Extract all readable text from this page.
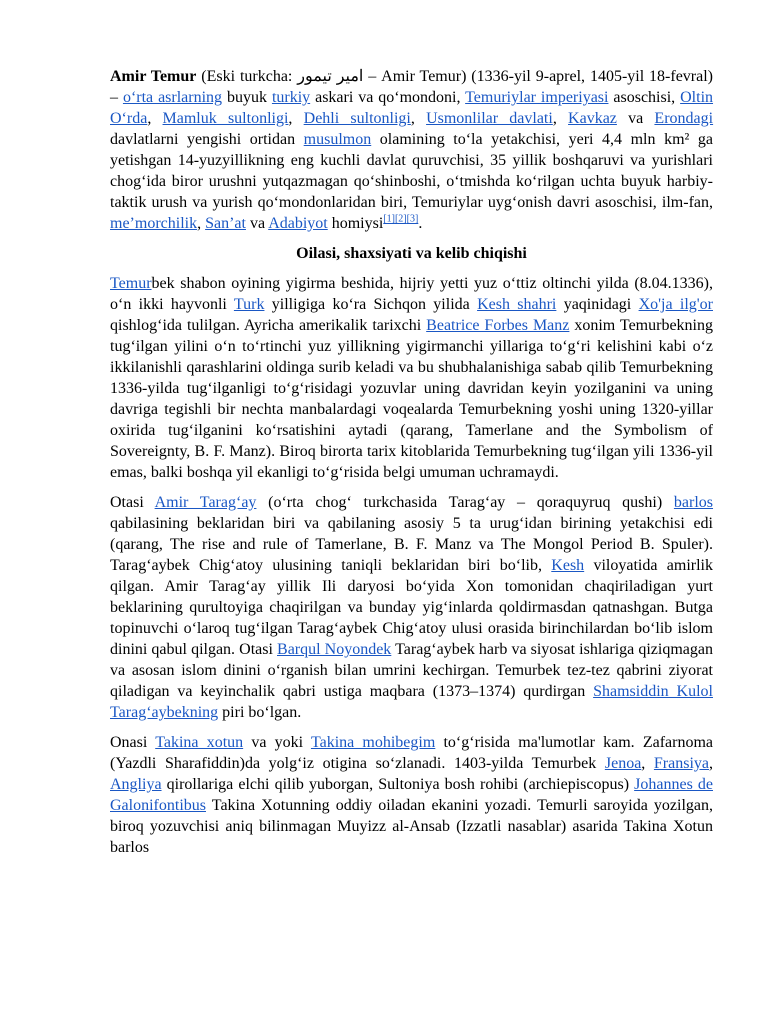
Amir Temur (Eski turkcha: امير تيمور – Amir Temur) (1336-yil 9-aprel, 1405-yil 18-fevral) – o‘rta asrlarning buyuk turkiy askari va qo‘mondoni, Temuriylar imperiyasi asoschisi, Oltin O‘rda, Mamluk sultonligi, Dehli sultonligi, Usmonlilar davlati, Kavkaz va Erondagi davlatlarni yengishi ortidan musulmon olamining to‘la yetakchisi, yeri 4,4 mln km² ga yetishgan 14-yuzyillikning eng kuchli davlat quruvchisi, 35 yillik boshqaruvi va yurishlari chog‘ida biror urushni yutqazmagan qo‘shinboshi, o‘tmishda ko‘rilgan uchta buyuk harbiy-taktik urush va yurish qo‘mondonlaridan biri, Temuriylar uyg‘onish davri asoschisi, ilm-fan, me’morchilik, San’at va Adabiyot homiysi[1][2][3].

Oilasi, shaxsiyati va kelib chiqishi

Temurbek shabon oyining yigirma beshida, hijriy yetti yuz o‘ttiz oltinchi yilda (8.04.1336), o‘n ikki hayvonli Turk yilligiga ko‘ra Sichqon yilida Kesh shahri yaqinidagi Xo'ja ilg'or qishlog‘ida tulilgan. Ayricha amerikalik tarixchi Beatrice Forbes Manz xonim Temurbekning tug‘ilgan yilini o‘n to‘rtinchi yuz yillikning yigirmanchi yillariga to‘g‘ri kelishini kabi o‘z ikkilanishli qarashlarini oldinga surib keladi va bu shubhalanishiga sabab qilib Temurbekning 1336-yilda tug‘ilganligi to‘g‘risidagi yozuvlar uning davridan keyin yozilganini va uning davriga tegishli bir nechta manbalardagi voqealarda Temurbekning yoshi uning 1320-yillar oxirida tug‘ilganini ko‘rsatishini aytadi (qarang, Tamerlane and the Symbolism of Sovereignty, B. F. Manz). Biroq birorta tarix kitoblarida Temurbekning tug‘ilgan yili 1336-yil emas, balki boshqa yil ekanligi to‘g‘risida belgi umuman uchramaydi.

Otasi Amir Tarag‘ay (o‘rta chog‘ turkchasida Tarag‘ay – qoraquyruq qushi) barlos qabilasining beklaridan biri va qabilaning asosiy 5 ta urug‘idan birining yetakchisi edi (qarang, The rise and rule of Tamerlane, B. F. Manz va The Mongol Period B. Spuler). Tarag‘aybek Chig‘atoy ulusining taniqli beklaridan biri bo‘lib, Kesh viloyatida amirlik qilgan. Amir Tarag‘ay yillik Ili daryosi bo‘yida Xon tomonidan chaqiriladigan yurt beklarining qurultoyiga chaqirilgan va bunday yig‘inlarda qoldirmasdan qatnashgan. Butga topinuvchi o‘laroq tug‘ilgan Tarag‘aybek Chig‘atoy ulusi orasida birinchilardan bo‘lib islom dinini qabul qilgan. Otasi Barqul Noyondek Tarag‘aybek harb va siyosat ishlariga qiziqmagan va asosan islom dinini o‘rganish bilan umrini kechirgan. Temurbek tez-tez qabrini ziyorat qiladigan va keyinchalik qabri ustiga maqbara (1373–1374) qurdirgan Shamsiddin Kulol Tarag‘aybekning piri bo‘lgan.

Onasi Takina xotun va yoki Takina mohibegim to‘g‘risida ma'lumotlar kam. Zafarnoma (Yazdli Sharafiddin)da yolg‘iz otigina so‘zlanadi. 1403-yilda Temurbek Jenoa, Fransiya, Angliya qirollariga elchi qilib yuborgan, Sultoniya bosh rohibi (archiepiscopus) Johannes de Galonifontibus Takina Xotunning oddiy oiladan ekanini yozadi. Temurli saroyida yozilgan, biroq yozuvchisi aniq bilinmagan Muyizz al-Ansab (Izzatli nasablar) asarida Takina Xotun barlos
